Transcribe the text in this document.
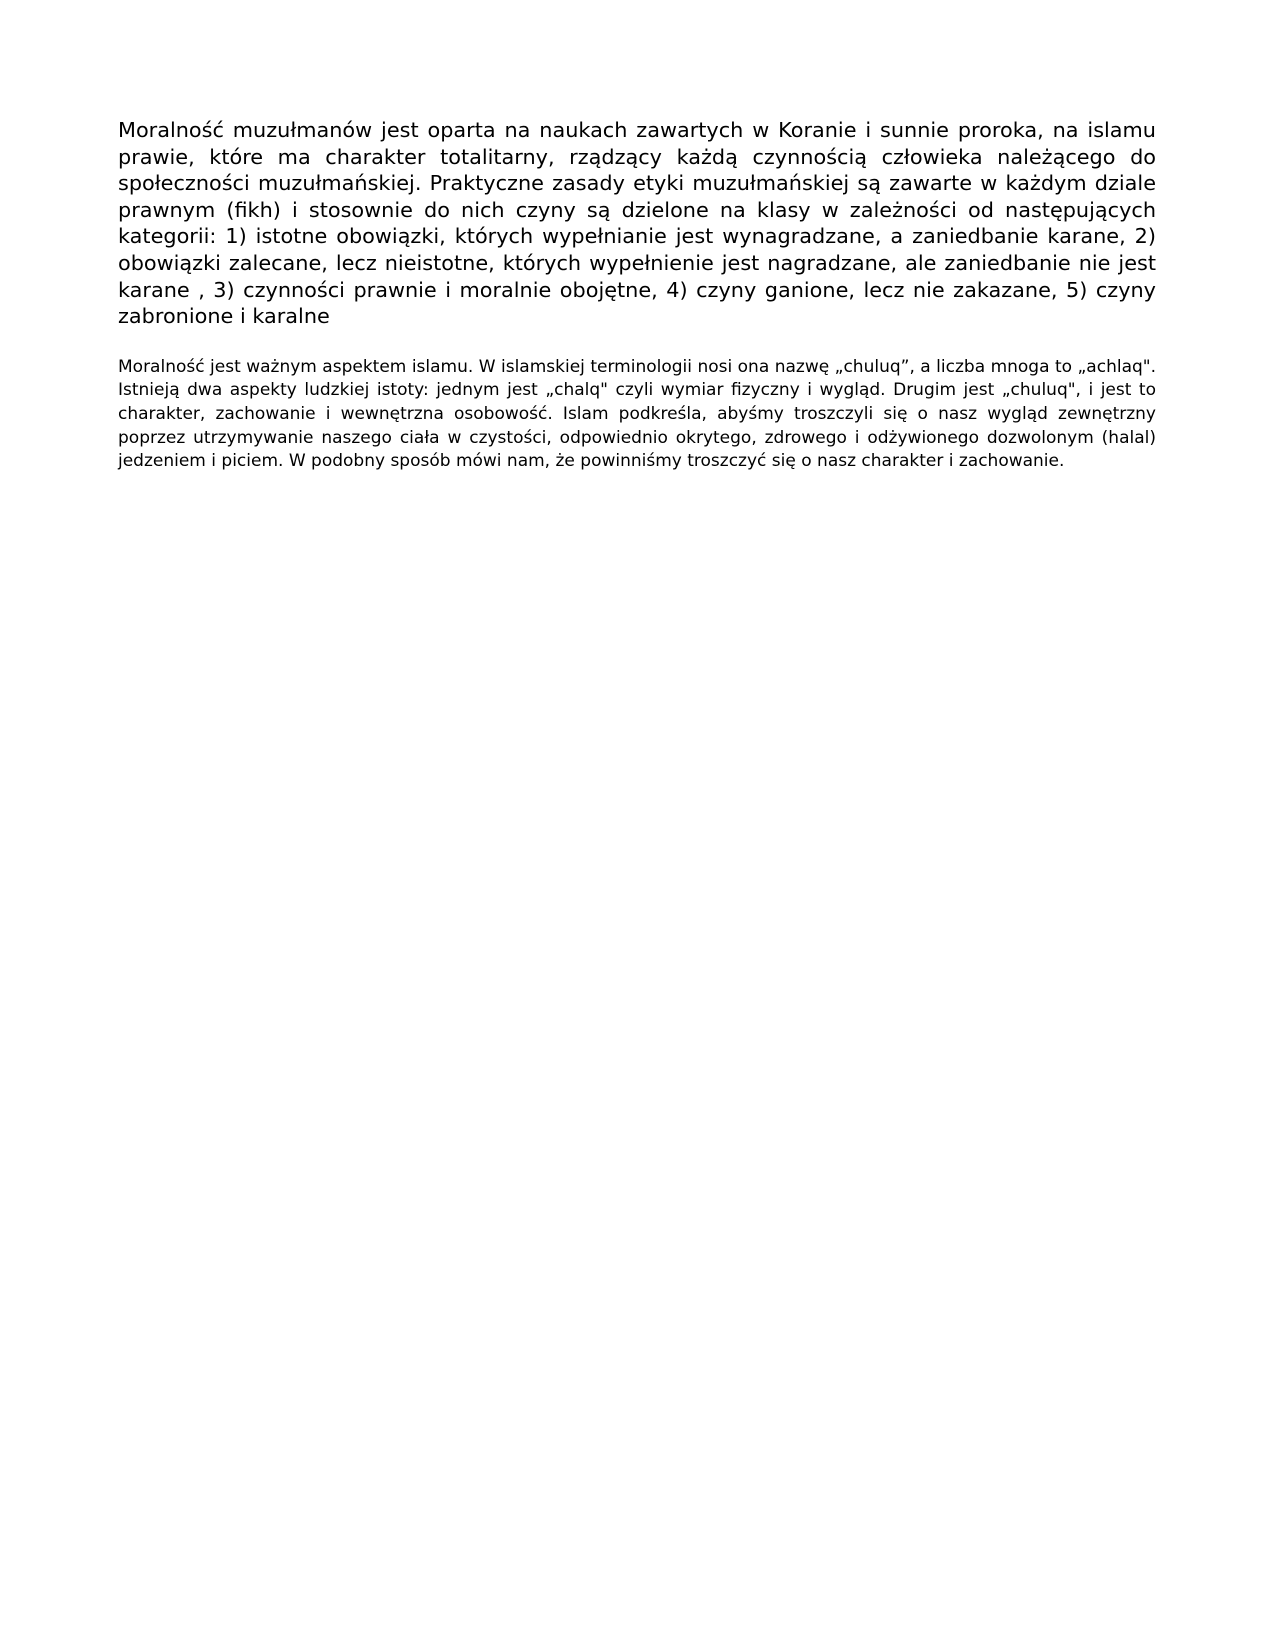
Moralność muzułmanów jest oparta na naukach zawartych w Koranie i sunnie proroka, na islamu prawie, które ma charakter totalitarny, rządzący każdą czynnością człowieka należącego do społeczności muzułmańskiej. Praktyczne zasady etyki muzułmańskiej są zawarte w każdym dziale prawnym (fikh) i stosownie do nich czyny są dzielone na klasy w zależności od następujących kategorii: 1) istotne obowiązki, których wypełnianie jest wynagradzane, a zaniedbanie karane, 2) obowiązki zalecane, lecz nieistotne, których wypełnienie jest nagradzane, ale zaniedbanie nie jest karane , 3) czynności prawnie i moralnie obojętne, 4) czyny ganione, lecz nie zakazane, 5) czyny zabronione i karalne

Moralność jest ważnym aspektem islamu. W islamskiej terminologii nosi ona nazwę „chuluq”, a liczba mnoga to „achlaq". Istnieją dwa aspekty ludzkiej istoty: jednym jest „chalq" czyli wymiar fizyczny i wygląd. Drugim jest „chuluq", i jest to charakter, zachowanie i wewnętrzna osobowość. Islam podkreśla, abyśmy troszczyli się o nasz wygląd zewnętrzny poprzez utrzymywanie naszego ciała w czystości, odpowiednio okrytego, zdrowego i odżywionego dozwolonym (halal) jedzeniem i piciem. W podobny sposób mówi nam, że powinniśmy troszczyć się o nasz charakter i zachowanie.
